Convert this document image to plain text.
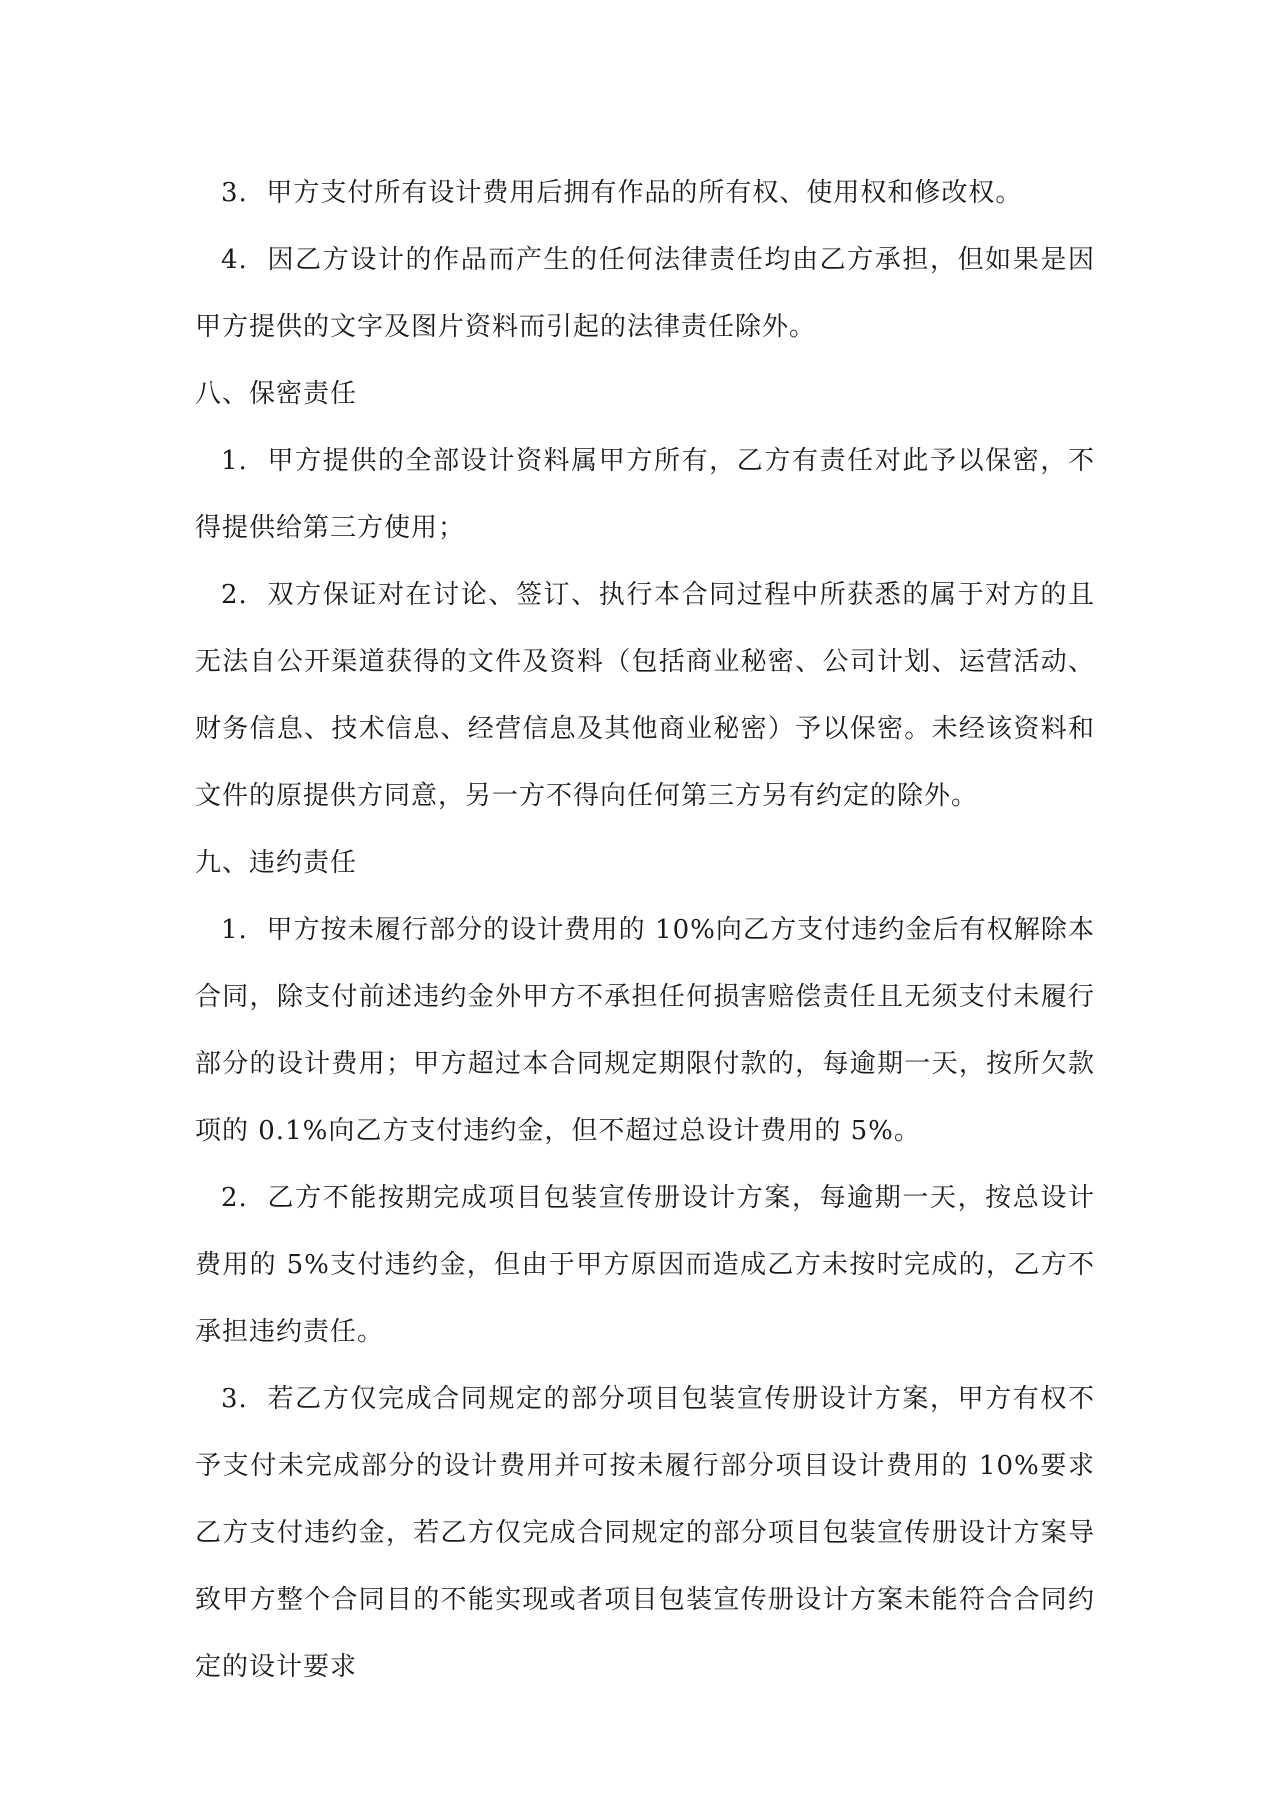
3.  甲方支付所有设计费用后拥有作品的所有权、使用权和修改权。

4.  因乙方设计的作品而产生的任何法律责任均由乙方承担，但如果是因甲方提供的文字及图片资料而引起的法律责任除外。

八、保密责任

1.  甲方提供的全部设计资料属甲方所有，乙方有责任对此予以保密，不得提供给第三方使用；

2.  双方保证对在讨论、签订、执行本合同过程中所获悉的属于对方的且无法自公开渠道获得的文件及资料（包括商业秘密、公司计划、运营活动、财务信息、技术信息、经营信息及其他商业秘密）予以保密。未经该资料和文件的原提供方同意，另一方不得向任何第三方另有约定的除外。

九、违约责任

1.  甲方按未履行部分的设计费用的 10%向乙方支付违约金后有权解除本合同，除支付前述违约金外甲方不承担任何损害赔偿责任且无须支付未履行部分的设计费用；甲方超过本合同规定期限付款的，每逾期一天，按所欠款项的 0.1%向乙方支付违约金，但不超过总设计费用的 5%。

2.  乙方不能按期完成项目包装宣传册设计方案，每逾期一天，按总设计费用的 5%支付违约金，但由于甲方原因而造成乙方未按时完成的，乙方不承担违约责任。

3.  若乙方仅完成合同规定的部分项目包装宣传册设计方案，甲方有权不予支付未完成部分的设计费用并可按未履行部分项目设计费用的 10%要求乙方支付违约金，若乙方仅完成合同规定的部分项目包装宣传册设计方案导致甲方整个合同目的不能实现或者项目包装宣传册设计方案未能符合合同约定的设计要求
